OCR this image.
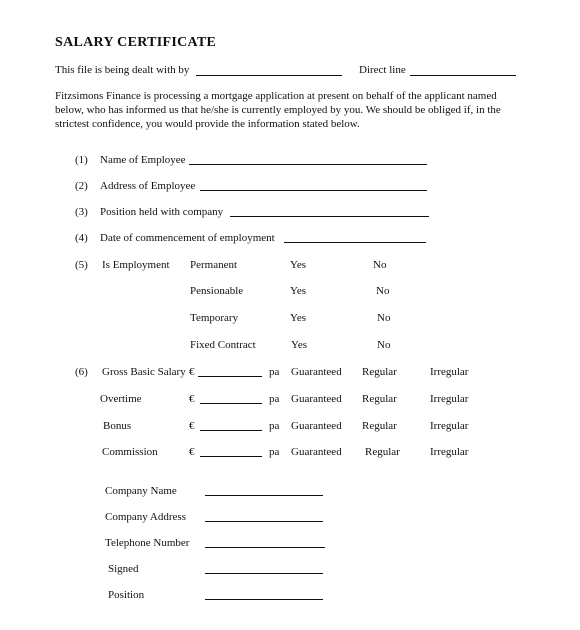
SALARY CERTIFICATE
This file is being dealt with by	Direct line
Fitzsimons Finance is processing a mortgage application at present on behalf of the applicant named
below, who has informed us that he/she is currently employed by you. We should be obliged if, in the
strictest confidence, you would provide the information stated below.
(1) Name of Employee
(2) Address of Employee
(3) Position held with company
(4) Date of commencement of employment
(5) Is Employment Permanent	Yes	No
Pensionable	Yes	No
Temporary	Yes	No
Fixed Contract	Yes	No
(6) Gross Basic Salary €	pa Guaranteed Regular	Irregular
Overtime	€	pa Guaranteed Regular	Irregular
Bonus	€	pa Guaranteed Regular	Irregular
Commission	€	pa Guaranteed Regular	Irregular
Company Name
Company Address
Telephone Number
Signed
Position
